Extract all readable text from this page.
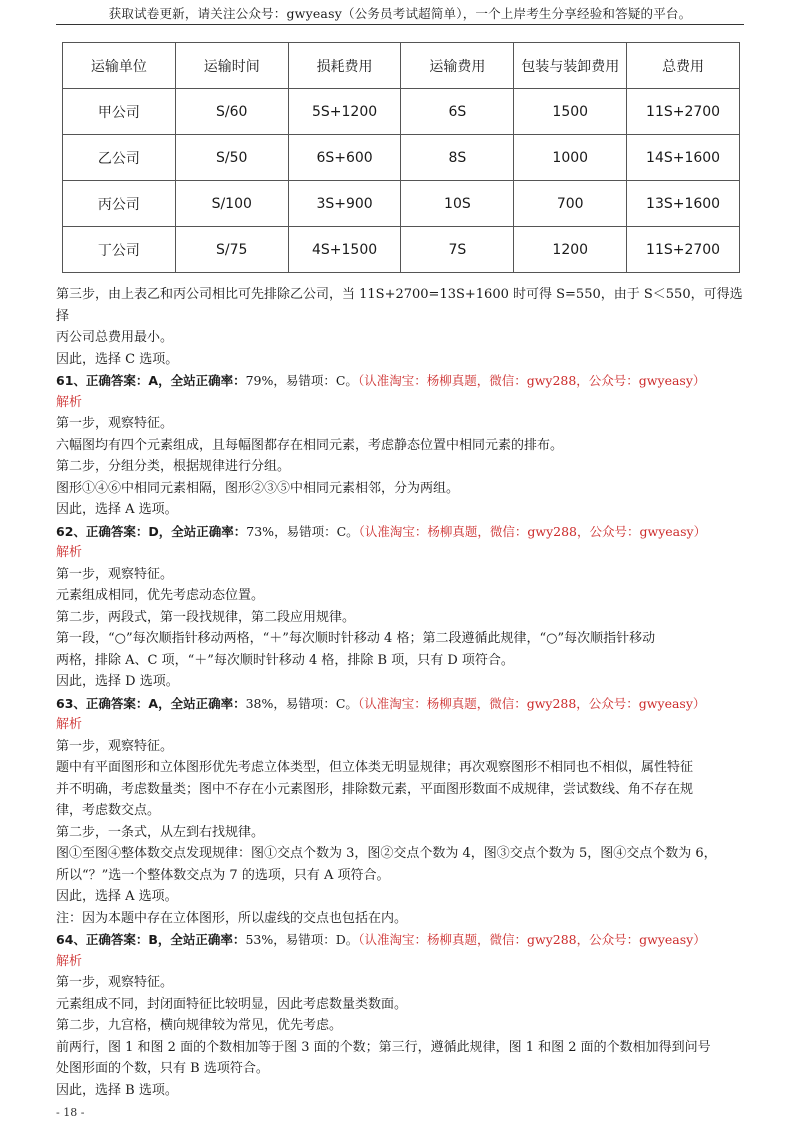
获取试卷更新，请关注公众号：gwyeasy（公务员考试超简单），一个上岸考生分享经验和答疑的平台。
运输单位	运输时间	损耗费用	运输费用	包装与装卸费用	总费用
甲公司	S/60	5S+1200	6S	1500	11S+2700
乙公司	S/50	6S+600	8S	1000	14S+1600
丙公司	S/100	3S+900	10S	700	13S+1600
丁公司	S/75	4S+1500	7S	1200	11S+2700

第三步，由上表乙和丙公司相比可先排除乙公司，当 11S+2700=13S+1600 时可得 S=550，由于 S＜550，可得选择

丙公司总费用最小。

因此，选择 C 选项。

61、正确答案：A，全站正确率：79%，易错项：C。（认准淘宝：杨柳真题，微信：gwy288，公众号：gwyeasy）

解析

第一步，观察特征。

六幅图均有四个元素组成，且每幅图都存在相同元素，考虑静态位置中相同元素的排布。

第二步，分组分类，根据规律进行分组。

图形①④⑥中相同元素相隔，图形②③⑤中相同元素相邻，分为两组。

因此，选择 A 选项。

62、正确答案：D，全站正确率：73%，易错项：C。（认准淘宝：杨柳真题，微信：gwy288，公众号：gwyeasy）

解析

第一步，观察特征。

元素组成相同，优先考虑动态位置。

第二步，两段式，第一段找规律，第二段应用规律。

第一段，“○”每次顺指针移动两格，“＋”每次顺时针移动 4 格；第二段遵循此规律，“○”每次顺指针移动

两格，排除 A、C 项，“＋”每次顺时针移动 4 格，排除 B 项，只有 D 项符合。

因此，选择 D 选项。

63、正确答案：A，全站正确率：38%，易错项：C。（认准淘宝：杨柳真题，微信：gwy288，公众号：gwyeasy）

解析

第一步，观察特征。

题中有平面图形和立体图形优先考虑立体类型，但立体类无明显规律；再次观察图形不相同也不相似，属性特征

并不明确，考虑数量类；图中不存在小元素图形，排除数元素，平面图形数面不成规律，尝试数线、角不存在规

律，考虑数交点。

第二步，一条式，从左到右找规律。

图①至图④整体数交点发现规律：图①交点个数为 3，图②交点个数为 4，图③交点个数为 5，图④交点个数为 6，

所以“？”选一个整体数交点为 7 的选项，只有 A 项符合。

因此，选择 A 选项。

注：因为本题中存在立体图形，所以虚线的交点也包括在内。

64、正确答案：B，全站正确率：53%，易错项：D。（认准淘宝：杨柳真题，微信：gwy288，公众号：gwyeasy）

解析

第一步，观察特征。

元素组成不同，封闭面特征比较明显，因此考虑数量类数面。

第二步，九宫格，横向规律较为常见，优先考虑。

前两行，图 1 和图 2 面的个数相加等于图 3 面的个数；第三行，遵循此规律，图 1 和图 2 面的个数相加得到问号

处图形面的个数，只有 B 选项符合。

因此，选择 B 选项。

- 18 -
